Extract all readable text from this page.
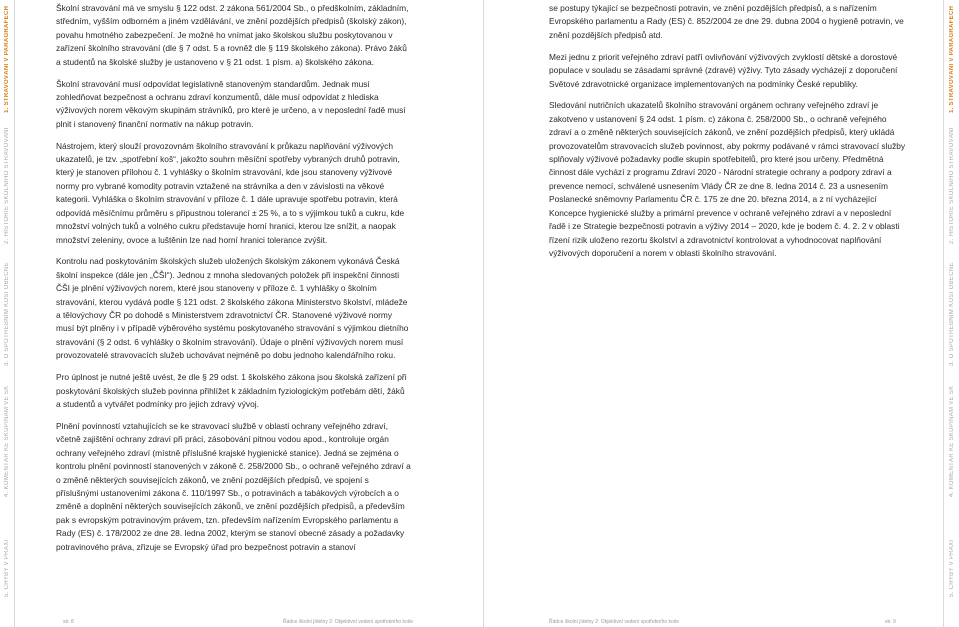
5. CHYBY V PRAXI
4. KOMENTÁŘ KE SKUPINÁM VE SK
3. O SPOTŘEBNÍM KOŠI OBECNĚ
2. HISTORIE ŠKOLNÍHO STRAVOVÁNÍ
1. STRAVOVÁNÍ V PARAGRAFECH	Školní stravování má ve smyslu § 122 odst. 2 zákona 561/2004 Sb., o předškolním, základním, středním, vyšším odborném a jiném vzdělávání, ve znění pozdějších předpisů (školský zákon), povahu hmotného zabezpečení. Je možné ho vnímat jako školskou službu poskytovanou v zařízení školního stravování (dle § 7 odst. 5 a rovněž dle § 119 školského zákona). Právo žáků a studentů na školské služby je ustanoveno v § 21 odst. 1 písm. a) školského zákona.

Školní stravování musí odpovídat legislativně stanoveným standardům. Jednak musí zohledňovat bezpečnost a ochranu zdraví konzumentů, dále musí odpovídat z hlediska výživových norem věkovým skupinám strávníků, pro které je určeno, a v neposlední řadě musí plnit i stanovený finanční normativ na nákup potravin.

Nástrojem, který slouží provozovnám školního stravování k průkazu naplňování výživových ukazatelů, je tzv. „spotřební koš“, jakožto souhrn měsíční spotřeby vybraných druhů potravin, který je stanoven přílohou č. 1 vyhlášky o školním stravování, kde jsou stanoveny výživové normy pro vybrané komodity potravin vztažené na strávníka a den v závislosti na věkové kategorii. Vyhláška o školním stravování v příloze č. 1 dále upravuje spotřebu potravin, která odpovídá měsíčnímu průměru s připustnou tolerancí ± 25 %, a to s výjimkou tuků a cukru, kde množství volných tuků a volného cukru představuje horní hranici, kterou lze snížit, a naopak množství zeleniny, ovoce a luštěnin lze nad horní hranici tolerance zvýšit.

Kontrolu nad poskytováním školských služeb uložených školským zákonem vykonává Česká školní inspekce (dále jen „ČŠI“). Jednou z mnoha sledovaných položek při inspekční činnosti ČŠI je plnění výživových norem, které jsou stanoveny v příloze č. 1 vyhlášky o školním stravování, kterou vydává podle § 121 odst. 2 školského zákona Ministerstvo školství, mládeže a tělovýchovy ČR po dohodě s Ministerstvem zdravotnictví ČR. Stanovené výživové normy musí být plněny i v případě výběrového systému poskytovaného stravování s výjimkou dietního stravování (§ 2 odst. 6 vyhlášky o školním stravování). Údaje o plnění výživových norem musí provozovatelé stravovacích služeb uchovávat nejméně po dobu jednoho kalendářního roku.

Pro úplnost je nutné ještě uvést, že dle § 29 odst. 1 školského zákona jsou školská zařízení při poskytování školských služeb povinna přihlížet k základním fyziologickým potřebám dětí, žáků a studentů a vytvářet podmínky pro jejich zdravý vývoj.

Plnění povinností vztahujících se ke stravovací službě v oblasti ochrany veřejného zdraví, včetně zajištění ochrany zdraví při práci, zásobování pitnou vodou apod., kontroluje orgán ochrany veřejného zdraví (místně příslušné krajské hygienické stanice). Jedná se zejména o kontrolu plnění povinností stanovených v zákoně č. 258/2000 Sb., o ochraně veřejného zdraví a o změně některých souvisejících zákonů, ve znění pozdějších předpisů, ve spojení s příslušnými ustanoveními zákona č. 110/1997 Sb., o potravinách a tabákových výrobcích a o změně a doplnění některých souvisejících zákonů, ve znění pozdějších předpisů, a především pak s evropským potravinovým právem, tzn. především nařízením Evropského parlamentu a Rady (ES) č. 178/2002 ze dne 28. ledna 2002, kterým se stanoví obecné zásady a požadavky potravinového práva, zřizuje se Evropský úřad pro bezpečnost potravin a stanoví

se postupy týkající se bezpečnosti potravin, ve znění pozdějších předpisů, a s nařízením Evropského parlamentu a Rady (ES) č. 852/2004 ze dne 29. dubna 2004 o hygieně potravin, ve znění pozdějších předpisů atd.

Mezi jednu z priorit veřejného zdraví patří ovlivňování výživových zvyklostí dětské a dorostové populace v souladu se zásadami správné (zdravé) výživy. Tyto zásady vycházejí z doporučení Světové zdravotnické organizace implementovaných na podmínky České republiky.

Sledování nutričních ukazatelů školního stravování orgánem ochrany veřejného zdraví je zakotveno v ustanovení § 24 odst. 1 písm. c) zákona č. 258/2000 Sb., o ochraně veřejného zdraví a o změně některých souvisejících zákonů, ve znění pozdějších předpisů, který ukládá provozovatelům stravovacích služeb povinnost, aby pokrmy podávané v rámci stravovací služby splňovaly výživové požadavky podle skupin spotřebitelů, pro které jsou určeny. Předmětná činnost dále vychází z programu Zdraví 2020 - Národní strategie ochrany a podpory zdraví a prevence nemocí, schválené usnesením Vlády ČR ze dne 8. ledna 2014 č. 23 a usnesením Poslanecké sněmovny Parlamentu ČR č. 175 ze dne 20. března 2014, a z ní vycházející Koncepce hygienické služby a primární prevence v ochraně veřejného zdraví a v neposlední řadě i ze Strategie bezpečnosti potravin a výživy 2014 – 2020, kde je bodem č. 4. 2. 2 v oblasti řízení rizik uloženo rezortu školství a zdravotnictví kontrolovat a vyhodnocovat naplňování výživových doporučení a norem v oblasti školního stravování.

5. CHYBY V PRAXI
4. KOMENTÁŘ KE SKUPINÁM VE SK
3. O SPOTŘEBNÍM KOŠI OBECNĚ
2. HISTORIE ŠKOLNÍHO STRAVOVÁNÍ
1. STRAVOVÁNÍ V PARAGRAFECH
str. 8	Řádce školní jídelny 2: Objektivní vedení spotřebního koše	Řádce školní jídelny 2: Objektivní vedení spotřebního koše	str. 9
